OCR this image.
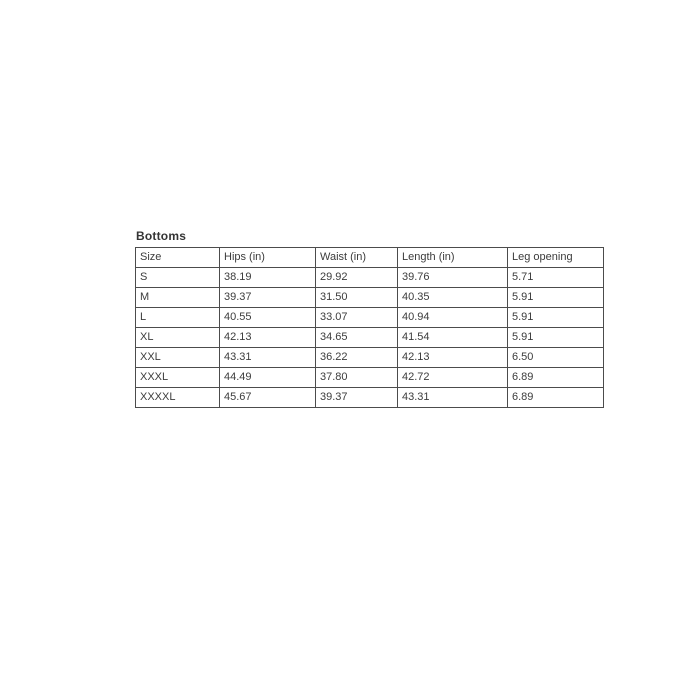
Bottoms
Size	Hips (in)	Waist (in)	Length (in)	Leg opening
S	38.19	29.92	39.76	5.71
M	39.37	31.50	40.35	5.91
L	40.55	33.07	40.94	5.91
XL	42.13	34.65	41.54	5.91
XXL	43.31	36.22	42.13	6.50
XXXL	44.49	37.80	42.72	6.89
XXXXL	45.67	39.37	43.31	6.89
